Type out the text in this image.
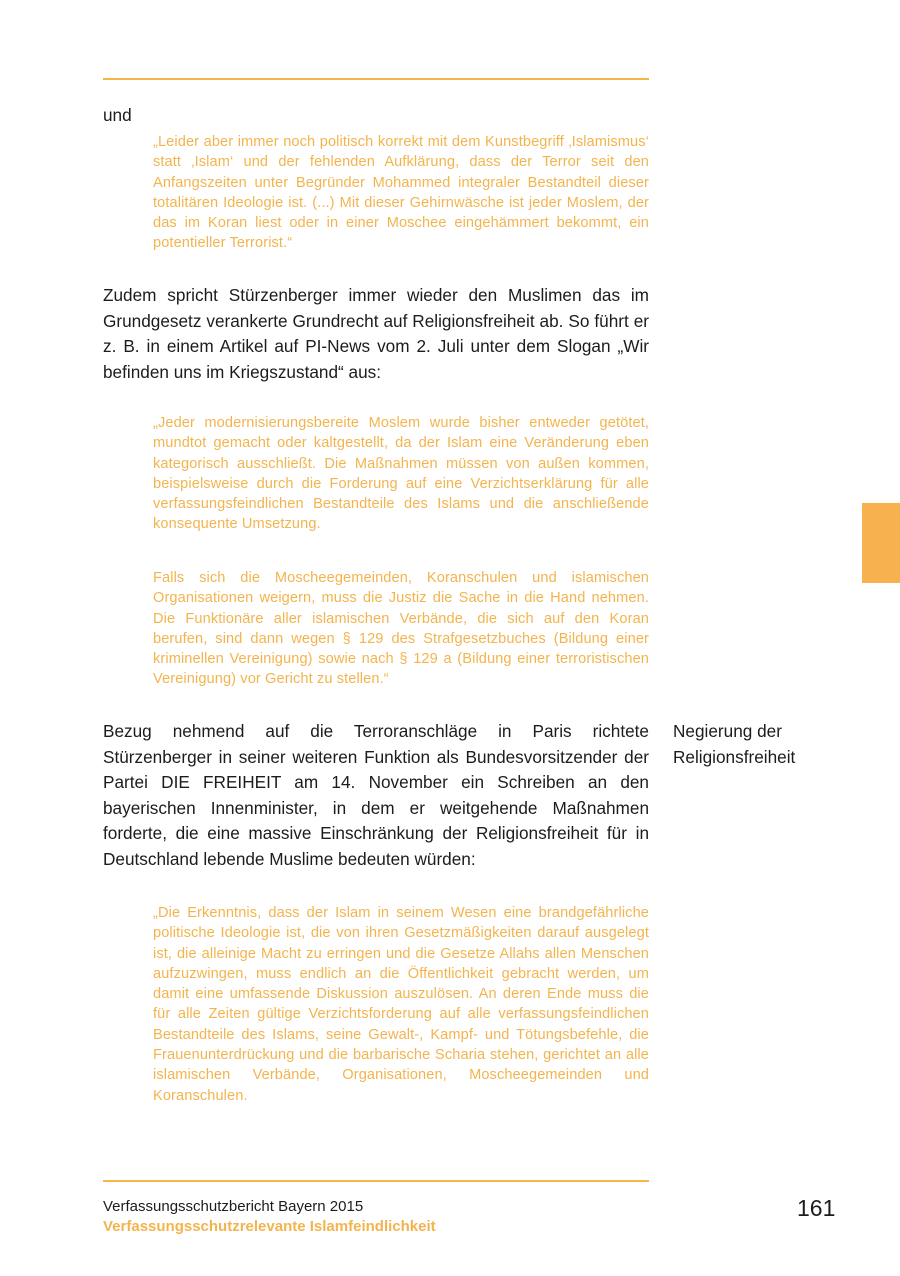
und
„Leider aber immer noch politisch korrekt mit dem Kunstbegriff ‚Islamismus‘ statt ‚Islam‘ und der fehlenden Aufklärung, dass der Terror seit den Anfangszeiten unter Begründer Mohammed integraler Bestandteil dieser totalitären Ideologie ist. (...) Mit dieser Gehirnwäsche ist jeder Moslem, der das im Koran liest oder in einer Moschee eingehämmert bekommt, ein potentieller Terrorist.“
Zudem spricht Stürzenberger immer wieder den Muslimen das im Grundgesetz verankerte Grundrecht auf Religionsfreiheit ab. So führt er z. B. in einem Artikel auf PI-News vom 2. Juli unter dem Slogan „Wir befinden uns im Kriegszustand“ aus:
„Jeder modernisierungsbereite Moslem wurde bisher entweder getötet, mundtot gemacht oder kaltgestellt, da der Islam eine Veränderung eben kategorisch ausschließt. Die Maßnahmen müssen von außen kommen, beispielsweise durch die Forderung auf eine Verzichtserklärung für alle verfassungsfeindlichen Bestandteile des Islams und die anschließende konsequente Umsetzung.
Falls sich die Moscheegemeinden, Koranschulen und islamischen Organisationen weigern, muss die Justiz die Sache in die Hand nehmen. Die Funktionäre aller islamischen Verbände, die sich auf den Koran berufen, sind dann wegen § 129 des Strafgesetzbuches (Bildung einer kriminellen Vereinigung) sowie nach § 129 a (Bildung einer terroristischen Vereinigung) vor Gericht zu stellen.“
Bezug nehmend auf die Terroranschläge in Paris richtete Stürzenberger in seiner weiteren Funktion als Bundesvorsitzender der Partei DIE FREIHEIT am 14. November ein Schreiben an den bayerischen Innenminister, in dem er weitgehende Maßnahmen forderte, die eine massive Einschränkung der Religionsfreiheit für in Deutschland lebende Muslime bedeuten würden:
Negierung der
Religionsfreiheit
„Die Erkenntnis, dass der Islam in seinem Wesen eine brandgefährliche politische Ideologie ist, die von ihren Gesetzmäßigkeiten darauf ausgelegt ist, die alleinige Macht zu erringen und die Gesetze Allahs allen Menschen aufzuzwingen, muss endlich an die Öffentlichkeit gebracht werden, um damit eine umfassende Diskussion auszulösen. An deren Ende muss die für alle Zeiten gültige Verzichtsforderung auf alle verfassungsfeindlichen Bestandteile des Islams, seine Gewalt-, Kampf- und Tötungsbefehle, die Frauenunterdrückung und die barbarische Scharia stehen, gerichtet an alle islamischen Verbände, Organisationen, Moscheegemeinden und Koranschulen.
Verfassungsschutzbericht Bayern 2015
Verfassungsschutzrelevante Islamfeindlichkeit
161
